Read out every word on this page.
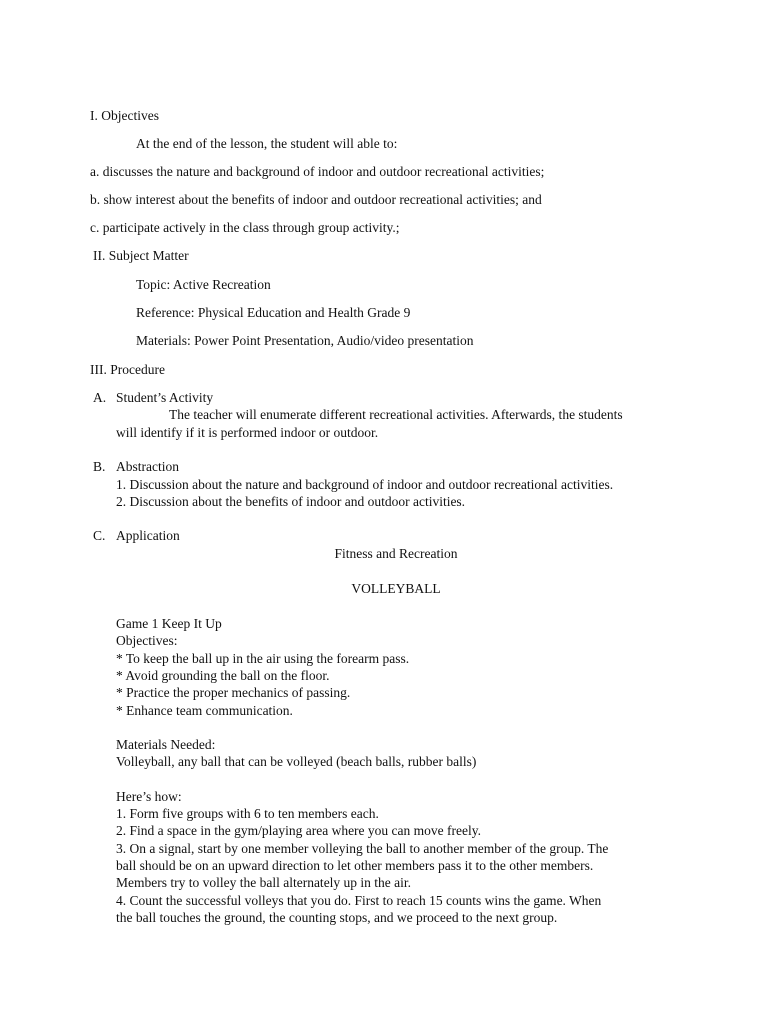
I. Objectives
At the end of the lesson, the student will able to:
a. discusses the nature and background of indoor and outdoor recreational activities;
b. show interest about the benefits of indoor and outdoor recreational activities; and
c. participate actively in the class through group activity.;
II. Subject Matter
Topic: Active Recreation
Reference: Physical Education and Health Grade 9
Materials: Power Point Presentation, Audio/video presentation
III. Procedure
A. Student’s Activity
The teacher will enumerate different recreational activities. Afterwards, the students
will identify if it is performed indoor or outdoor.
B. Abstraction
1. Discussion about the nature and background of indoor and outdoor recreational activities.
2. Discussion about the benefits of indoor and outdoor activities.
C. Application
Fitness and Recreation
VOLLEYBALL
Game 1 Keep It Up
Objectives:
* To keep the ball up in the air using the forearm pass.
* Avoid grounding the ball on the floor.
* Practice the proper mechanics of passing.
* Enhance team communication.
Materials Needed:
Volleyball, any ball that can be volleyed (beach balls, rubber balls)
Here’s how:
1. Form five groups with 6 to ten members each.
2. Find a space in the gym/playing area where you can move freely.
3. On a signal, start by one member volleying the ball to another member of the group. The
ball should be on an upward direction to let other members pass it to the other members.
Members try to volley the ball alternately up in the air.
4. Count the successful volleys that you do. First to reach 15 counts wins the game. When
the ball touches the ground, the counting stops, and we proceed to the next group.
